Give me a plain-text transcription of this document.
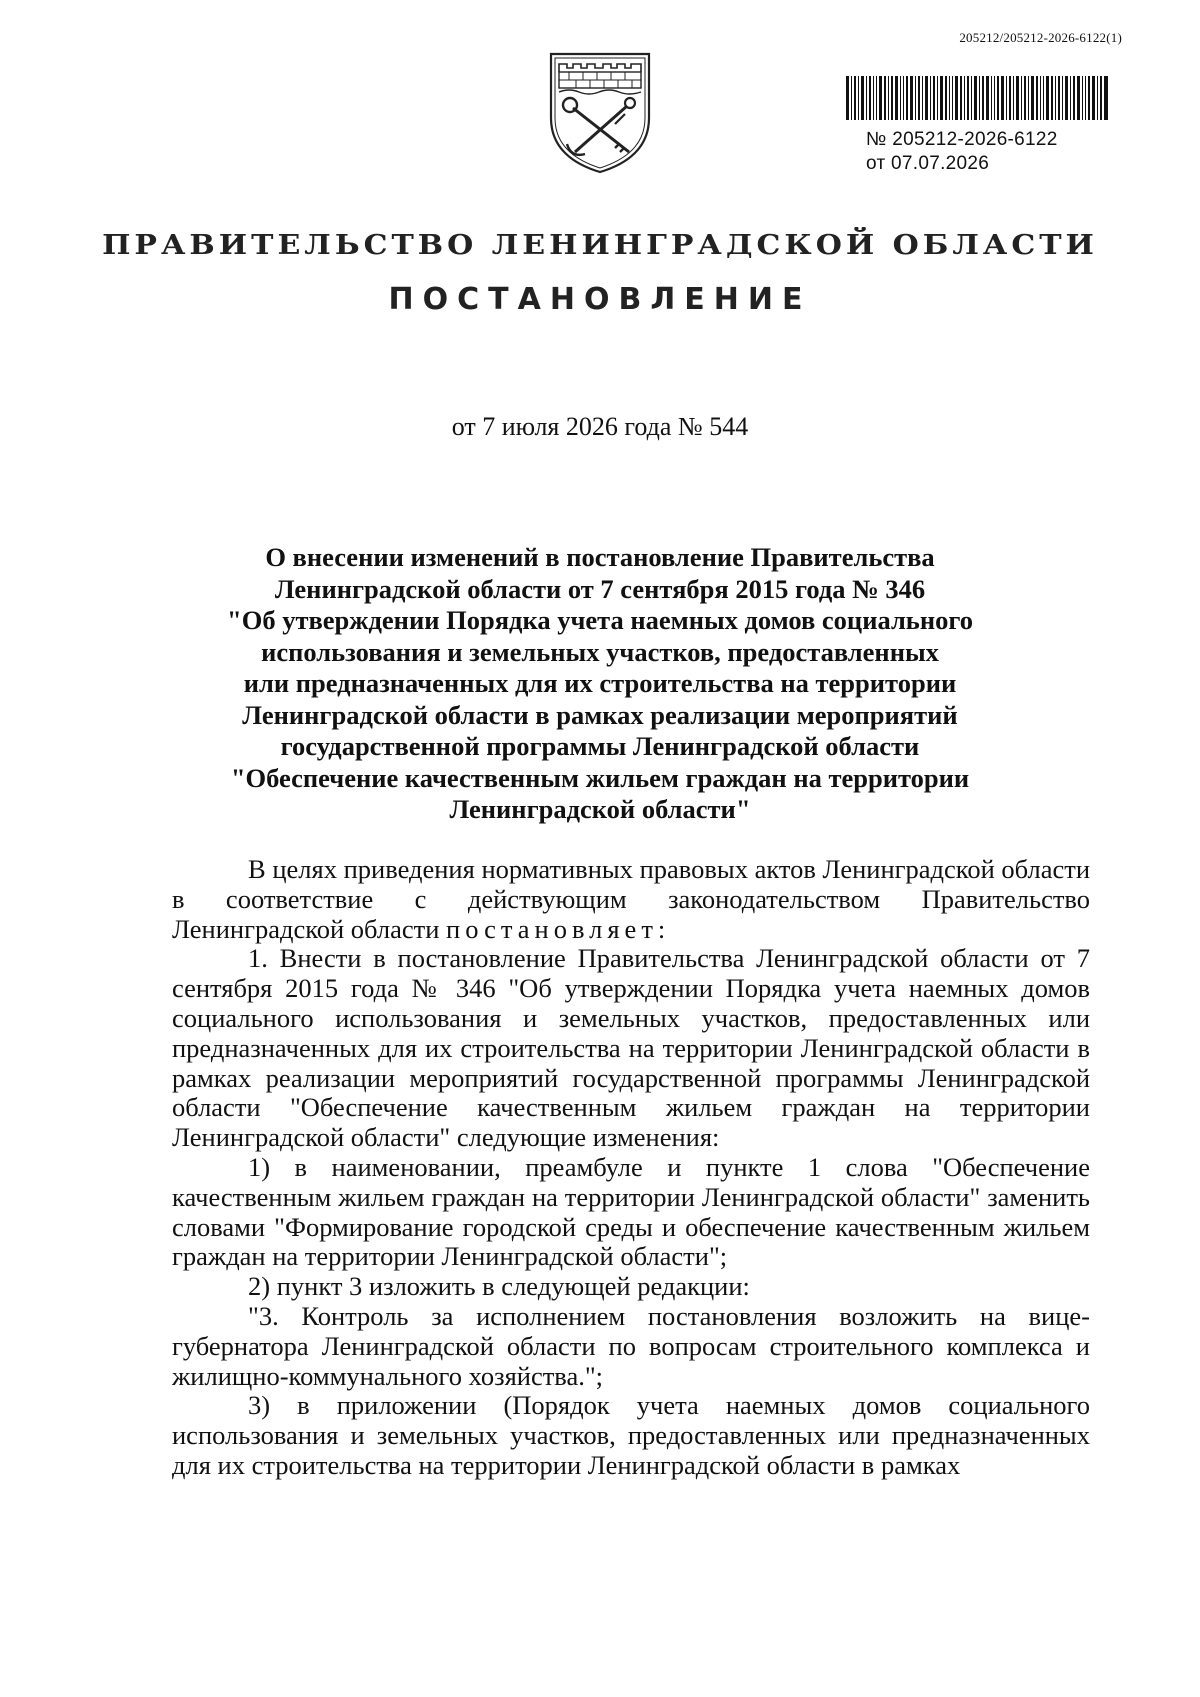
205212/205212-2026-6122(1)
№ 205212-2026-6122
от 07.07.2026
ПРАВИТЕЛЬСТВО ЛЕНИНГРАДСКОЙ ОБЛАСТИ
ПОСТАНОВЛЕНИЕ
от 7 июля 2026 года № 544
О внесении изменений в постановление Правительства
Ленинградской области от 7 сентября 2015 года № 346
"Об утверждении Порядка учета наемных домов социального
использования и земельных участков, предоставленных
или предназначенных для их строительства на территории
Ленинградской области в рамках реализации мероприятий
государственной программы Ленинградской области
"Обеспечение качественным жильем граждан на территории
Ленинградской области"

В целях приведения нормативных правовых актов Ленинградской области в соответствие с действующим законодательством Правительство Ленинградской области постановляет:

1. Внести в постановление Правительства Ленинградской области от 7 сентября 2015 года № 346 "Об утверждении Порядка учета наемных домов социального использования и земельных участков, предоставленных или предназначенных для их строительства на территории Ленинградской области в рамках реализации мероприятий государственной программы Ленинградской области "Обеспечение качественным жильем граждан на территории Ленинградской области" следующие изменения:

1) в наименовании, преамбуле и пункте 1 слова "Обеспечение качественным жильем граждан на территории Ленинградской области" заменить словами "Формирование городской среды и обеспечение качественным жильем граждан на территории Ленинградской области";

2) пункт 3 изложить в следующей редакции:

"3. Контроль за исполнением постановления возложить на вице-губернатора Ленинградской области по вопросам строительного комплекса и жилищно-коммунального хозяйства.";

3) в приложении (Порядок учета наемных домов социального использования и земельных участков, предоставленных или предназначенных для их строительства на территории Ленинградской области в рамках
